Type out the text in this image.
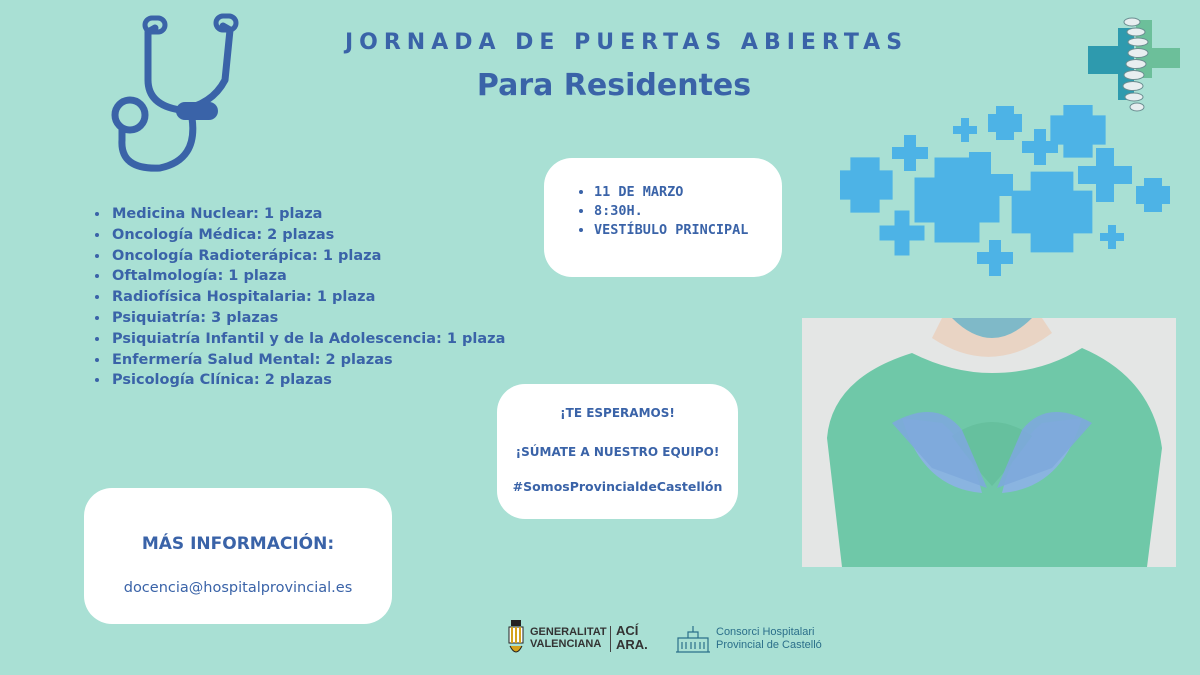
JORNADA DE PUERTAS ABIERTAS
Para Residentes
• Medicina Nuclear: 1 plaza
• Oncología Médica: 2 plazas
• Oncología Radioterápica: 1 plaza
• Oftalmología: 1 plaza
• Radiofísica Hospitalaria: 1 plaza
• Psiquiatría: 3 plazas
• Psiquiatría Infantil y de la Adolescencia: 1 plaza
• Enfermería Salud Mental: 2 plazas
• Psicología Clínica: 2 plazas
• 11 DE MARZO
• 8:30H.
• VESTÍBULO PRINCIPAL
¡TE ESPERAMOS!
¡SÚMATE A NUESTRO EQUIPO!
#SomosProvincialdeCastellón
MÁS INFORMACIÓN:
docencia@hospitalprovincial.es
GENERALITAT
VALENCIANA
ACÍ
ARA.
Consorci Hospitalari
Provincial de Castelló
